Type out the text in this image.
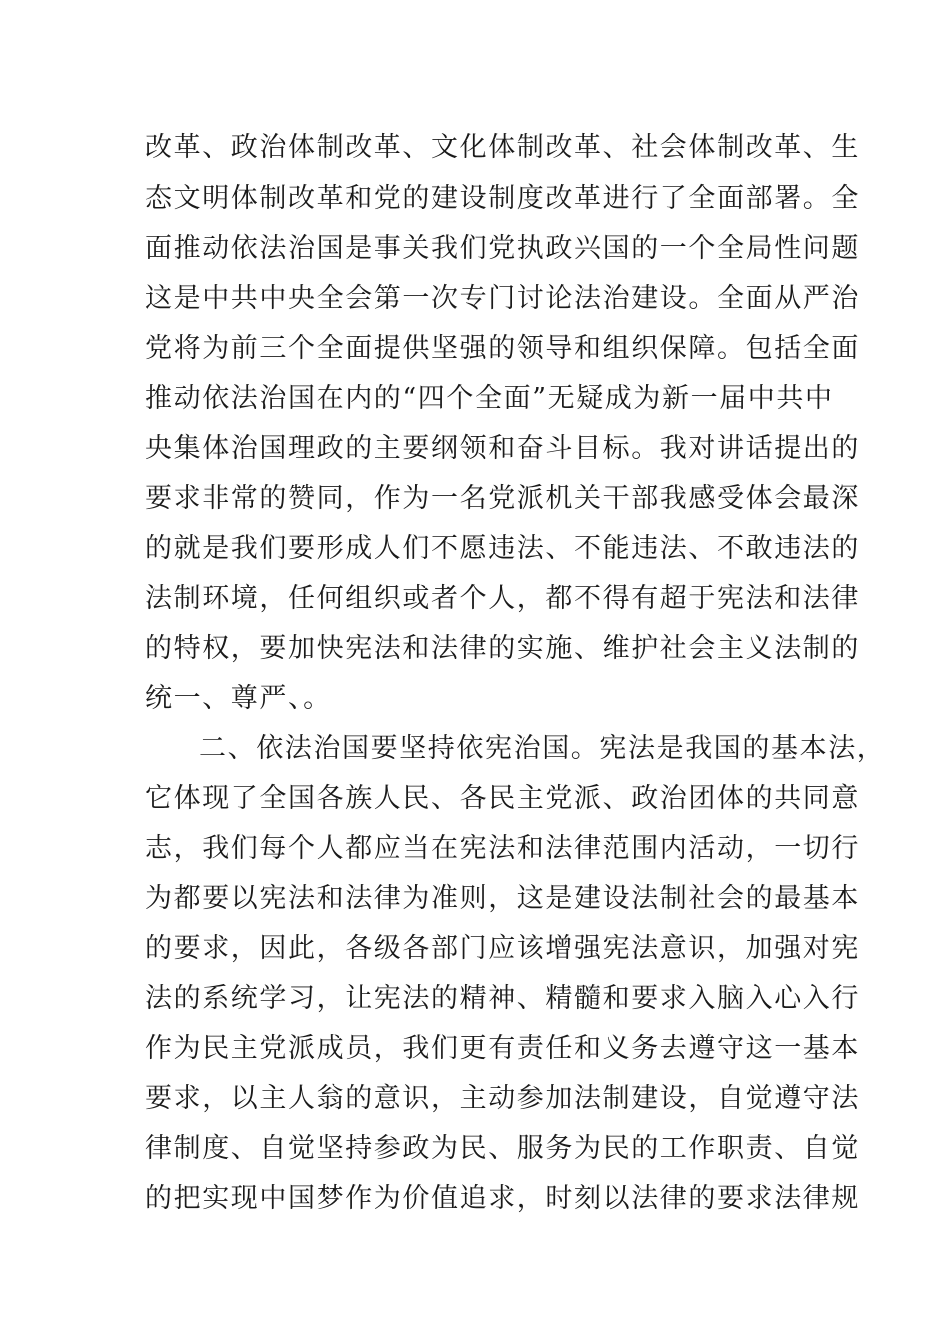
改革、政治体制改革、文化体制改革、社会体制改革、生
态文明体制改革和党的建设制度改革进行了全面部署。全
面推动依法治国是事关我们党执政兴国的一个全局性问题
这是中共中央全会第一次专门讨论法治建设。全面从严治
党将为前三个全面提供坚强的领导和组织保障。包括全面
推动依法治国在内的“四个全面”无疑成为新一届中共中
央集体治国理政的主要纲领和奋斗目标。我对讲话提出的
要求非常的赞同，作为一名党派机关干部我感受体会最深
的就是我们要形成人们不愿违法、不能违法、不敢违法的
法制环境，任何组织或者个人，都不得有超于宪法和法律
的特权，要加快宪法和法律的实施、维护社会主义法制的
统一、尊严、。
二、依法治国要坚持依宪治国。宪法是我国的基本法，
它体现了全国各族人民、各民主党派、政治团体的共同意
志，我们每个人都应当在宪法和法律范围内活动，一切行
为都要以宪法和法律为准则，这是建设法制社会的最基本
的要求，因此，各级各部门应该增强宪法意识，加强对宪
法的系统学习，让宪法的精神、精髓和要求入脑入心入行
作为民主党派成员，我们更有责任和义务去遵守这一基本
要求，以主人翁的意识，主动参加法制建设，自觉遵守法
律制度、自觉坚持参政为民、服务为民的工作职责、自觉
的把实现中国梦作为价值追求，时刻以法律的要求法律规
